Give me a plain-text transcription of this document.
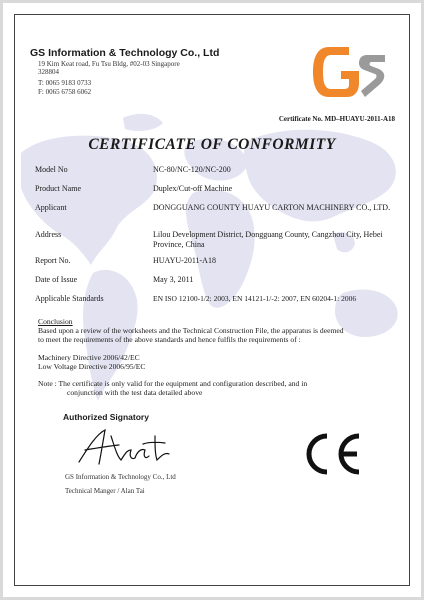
GS Information & Technology Co., Ltd
19 Kim Keat road, Fu Tsu Bldg, #02-03 Singapore
328804
T: 0065 9183 0733
F: 0065 6758 6062
Certificate No. MD–HUAYU-2011-A18
CERTIFICATE OF CONFORMITY
Model No	NC-80/NC-120/NC-200
Product Name	Duplex/Cut-off Machine
Applicant	DONGGUANG COUNTY HUAYU CARTON MACHINERY CO., LTD.
Address	Lilou Development District, Dongguang County, Cangzhou City, Hebei Province, China
Report No.	HUAYU-2011-A18
Date of Issue	May 3, 2011
Applicable Standards	EN ISO 12100-1/2: 2003, EN 14121-1/-2: 2007, EN 60204-1: 2006
Conclusion
Based upon a review of the worksheets and the Technical Construction File, the apparatus is deemed
to meet the requirements of the above standards and hence fulfils the requirements of :
Machinery Directive 2006/42/EC
Low Voltage Directive 2006/95/EC
Note : The certificate is only valid for the equipment and configuration described, and in
conjunction with the test data detailed above
Authorized Signatory
GS Information & Technology Co., Ltd
Technical Manger / Alan Tai
